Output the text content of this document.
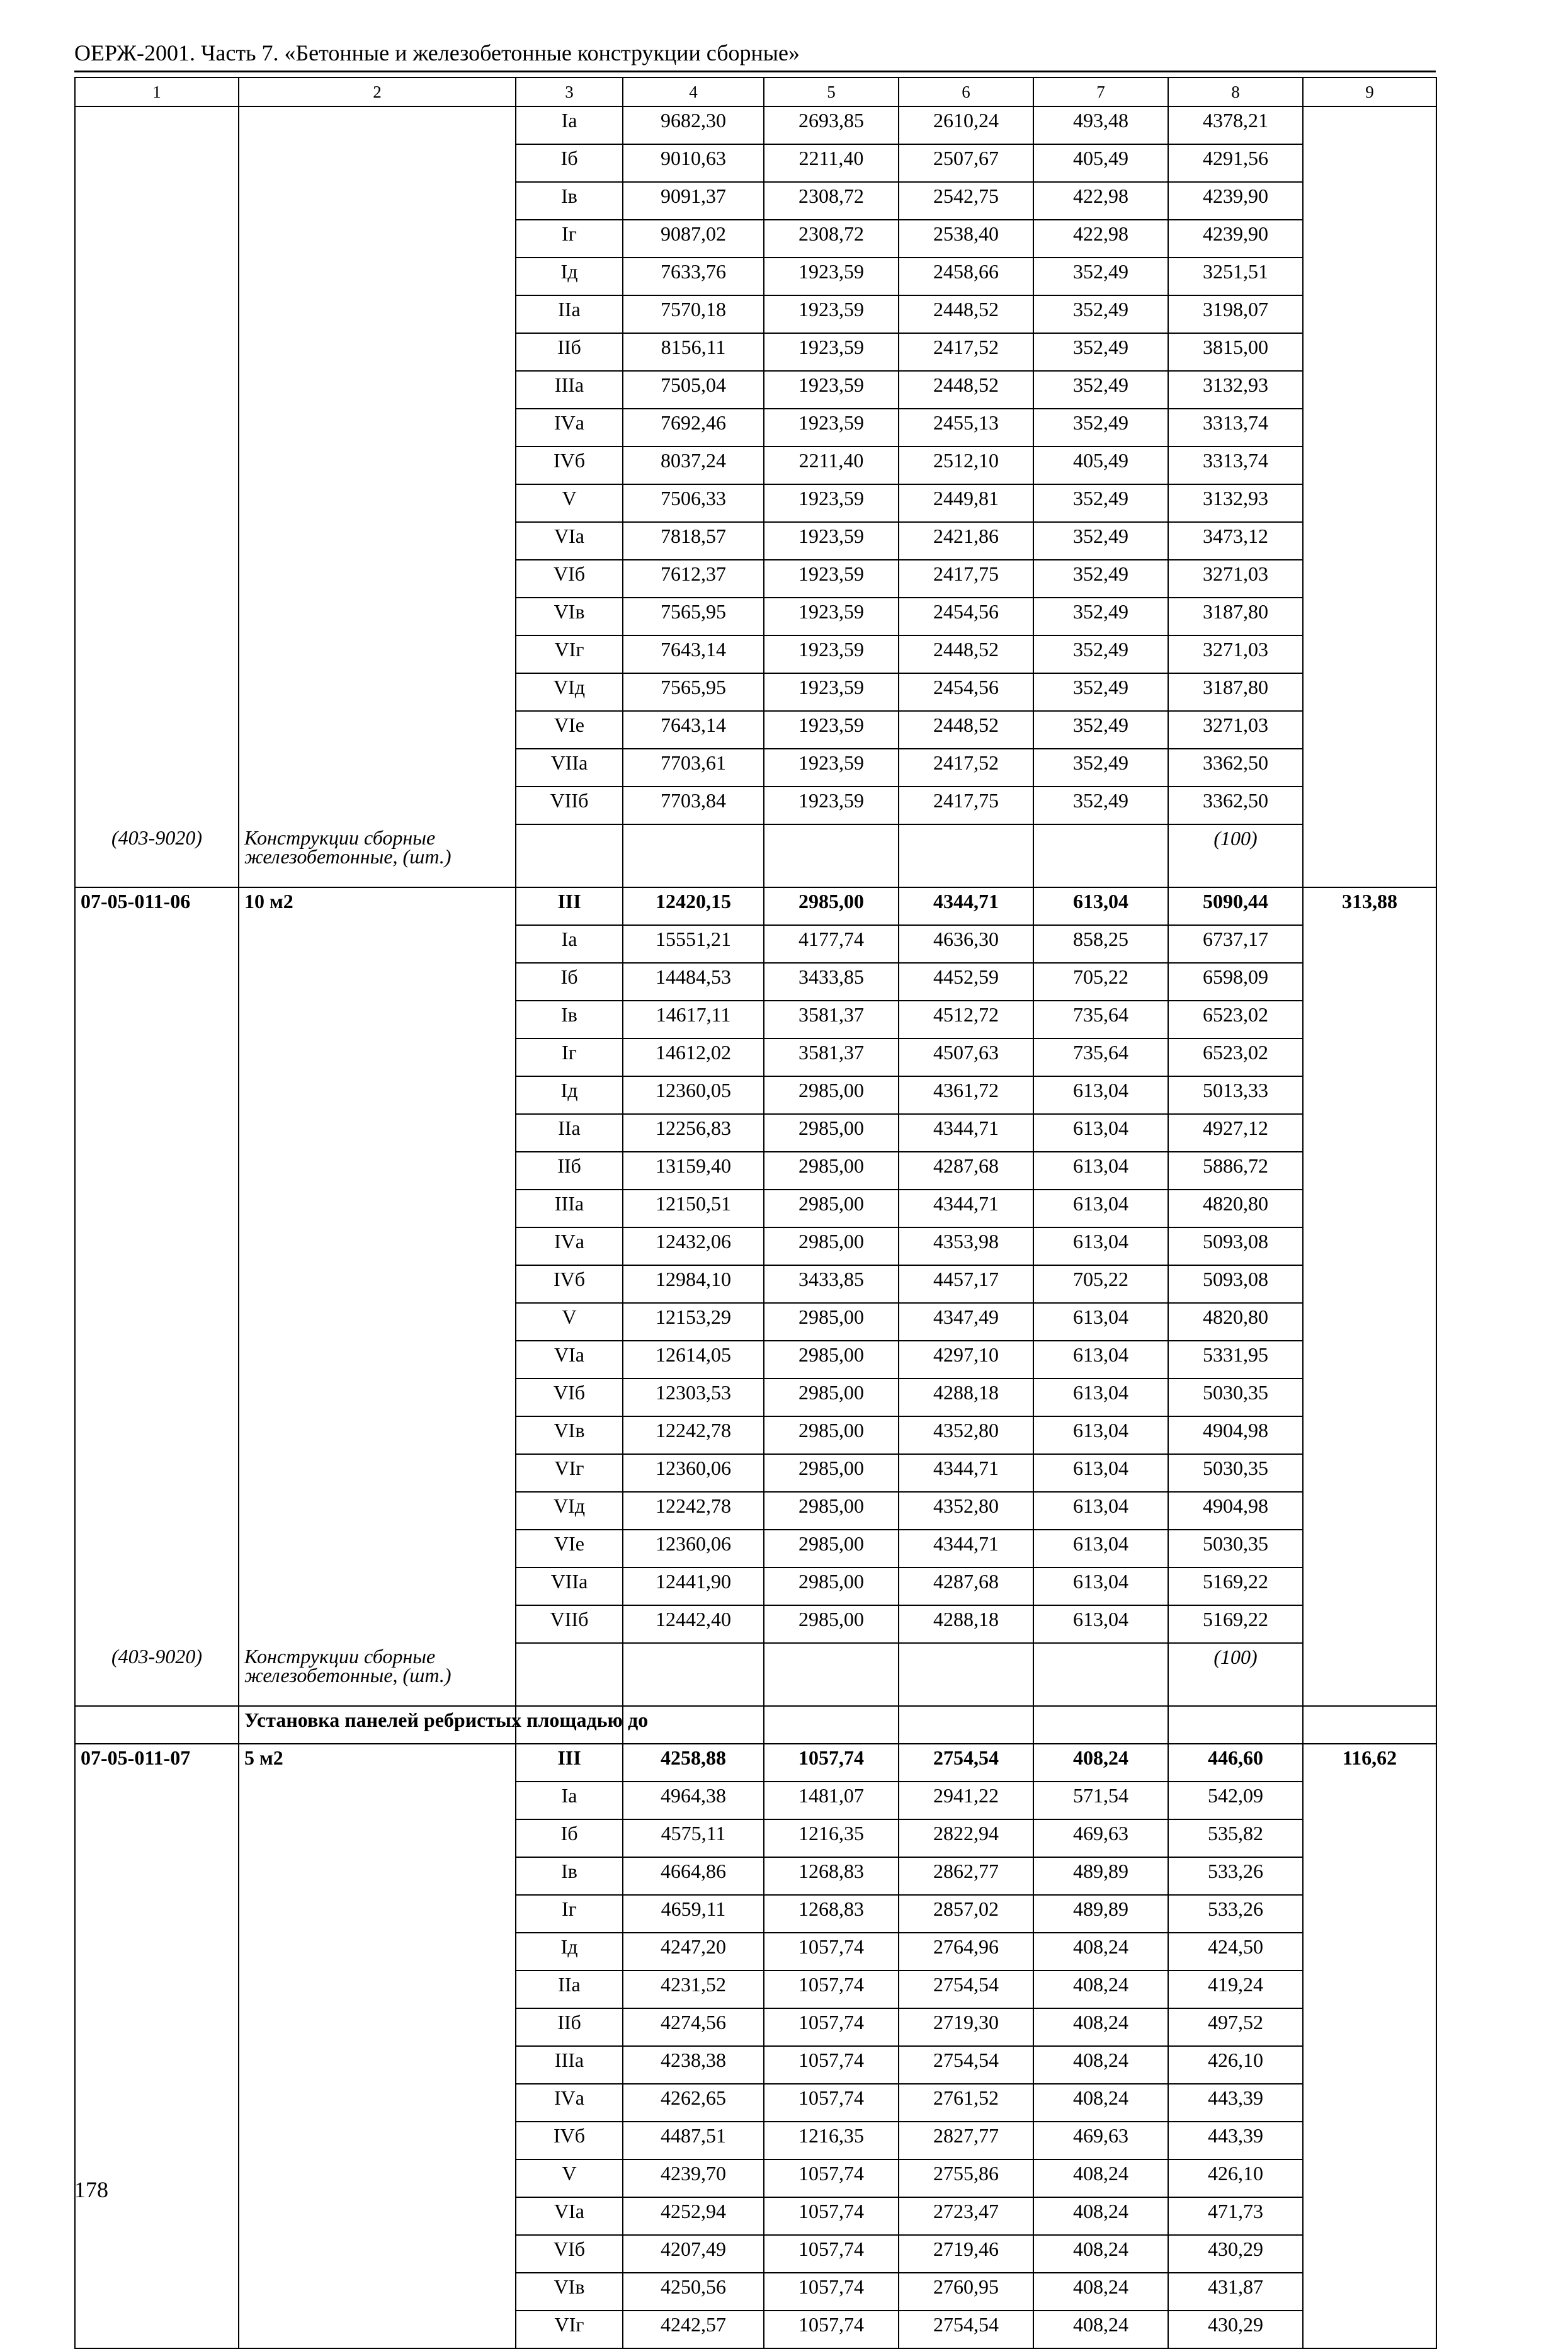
ОЕРЖ-2001. Часть 7. «Бетонные и железобетонные конструкции сборные»
1	2	3	4	5	6	7	8	9
		Iа	9682,30	2693,85	2610,24	493,48	4378,21	
		Iб	9010,63	2211,40	2507,67	405,49	4291,56	
		Iв	9091,37	2308,72	2542,75	422,98	4239,90	
		Iг	9087,02	2308,72	2538,40	422,98	4239,90	
		Iд	7633,76	1923,59	2458,66	352,49	3251,51	
		IIа	7570,18	1923,59	2448,52	352,49	3198,07	
		IIб	8156,11	1923,59	2417,52	352,49	3815,00	
		IIIа	7505,04	1923,59	2448,52	352,49	3132,93	
		IVа	7692,46	1923,59	2455,13	352,49	3313,74	
		IVб	8037,24	2211,40	2512,10	405,49	3313,74	
		V	7506,33	1923,59	2449,81	352,49	3132,93	
		VIа	7818,57	1923,59	2421,86	352,49	3473,12	
		VIб	7612,37	1923,59	2417,75	352,49	3271,03	
		VIв	7565,95	1923,59	2454,56	352,49	3187,80	
		VIг	7643,14	1923,59	2448,52	352,49	3271,03	
		VIд	7565,95	1923,59	2454,56	352,49	3187,80	
		VIе	7643,14	1923,59	2448,52	352,49	3271,03	
		VIIа	7703,61	1923,59	2417,52	352,49	3362,50	
		VIIб	7703,84	1923,59	2417,75	352,49	3362,50	
(403-9020)	Конструкции сборные железобетонные, (шт.)						(100)	
07-05-011-06	10 м2	III	12420,15	2985,00	4344,71	613,04	5090,44	313,88
		Iа	15551,21	4177,74	4636,30	858,25	6737,17	
		Iб	14484,53	3433,85	4452,59	705,22	6598,09	
		Iв	14617,11	3581,37	4512,72	735,64	6523,02	
		Iг	14612,02	3581,37	4507,63	735,64	6523,02	
		Iд	12360,05	2985,00	4361,72	613,04	5013,33	
		IIа	12256,83	2985,00	4344,71	613,04	4927,12	
		IIб	13159,40	2985,00	4287,68	613,04	5886,72	
		IIIа	12150,51	2985,00	4344,71	613,04	4820,80	
		IVа	12432,06	2985,00	4353,98	613,04	5093,08	
		IVб	12984,10	3433,85	4457,17	705,22	5093,08	
		V	12153,29	2985,00	4347,49	613,04	4820,80	
		VIа	12614,05	2985,00	4297,10	613,04	5331,95	
		VIб	12303,53	2985,00	4288,18	613,04	5030,35	
		VIв	12242,78	2985,00	4352,80	613,04	4904,98	
		VIг	12360,06	2985,00	4344,71	613,04	5030,35	
		VIд	12242,78	2985,00	4352,80	613,04	4904,98	
		VIе	12360,06	2985,00	4344,71	613,04	5030,35	
		VIIа	12441,90	2985,00	4287,68	613,04	5169,22	
		VIIб	12442,40	2985,00	4288,18	613,04	5169,22	
(403-9020)	Конструкции сборные железобетонные, (шт.)						(100)	
	Установка панелей ребристых площадью до							
07-05-011-07	5 м2	III	4258,88	1057,74	2754,54	408,24	446,60	116,62
		Iа	4964,38	1481,07	2941,22	571,54	542,09	
		Iб	4575,11	1216,35	2822,94	469,63	535,82	
		Iв	4664,86	1268,83	2862,77	489,89	533,26	
		Iг	4659,11	1268,83	2857,02	489,89	533,26	
		Iд	4247,20	1057,74	2764,96	408,24	424,50	
		IIа	4231,52	1057,74	2754,54	408,24	419,24	
		IIб	4274,56	1057,74	2719,30	408,24	497,52	
		IIIа	4238,38	1057,74	2754,54	408,24	426,10	
		IVа	4262,65	1057,74	2761,52	408,24	443,39	
		IVб	4487,51	1216,35	2827,77	469,63	443,39	
		V	4239,70	1057,74	2755,86	408,24	426,10	
		VIа	4252,94	1057,74	2723,47	408,24	471,73	
		VIб	4207,49	1057,74	2719,46	408,24	430,29	
		VIв	4250,56	1057,74	2760,95	408,24	431,87	
		VIг	4242,57	1057,74	2754,54	408,24	430,29	
178
